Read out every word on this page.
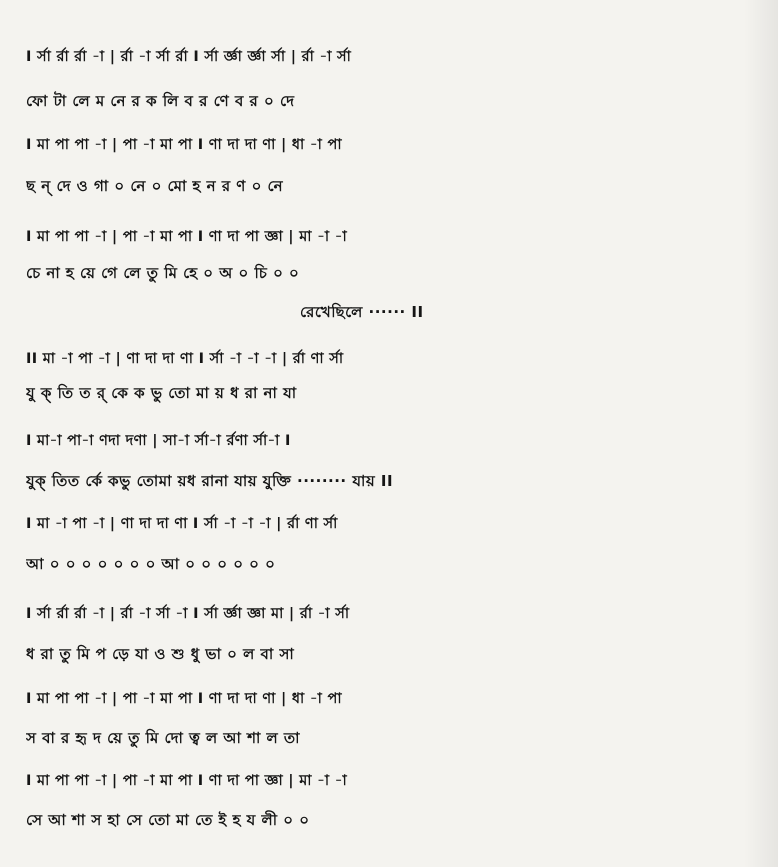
I র্সা র্রা র্রা -া | র্রা -া র্সা র্রা I র্সা র্জ্ঞা র্জ্ঞা র্সা | র্রা -া র্সা
ফো টা লে ম নে র ক লি ব র ণে ব র ০ দে
I মা পা পা -া | পা -া মা পা I ণা দা দা ণা | ধা -া পা
ছ ন্ দে ও গা ০ নে ০ মো হ ন র ণ ০ নে
I মা পা পা -া | পা -া মা পা I ণা দা পা জ্ঞা | মা -া -া
চে না হ য়ে গে লে তু মি হে ০ অ ০ চি ০ ০
রেখেছিলে ······ II
II মা -া পা -া | ণা দা দা ণা I র্সা -া -া -া | র্রা ণা র্সা
যু ক্ তি ত র্ কে ক ভু তো মা য় ধ রা না যা
I মা-া পা-া ণদা দণা | সা-া র্সা-া র্রণা র্সা-া I
যুক্ তিত র্কে কভু তোমা য়ধ রানা যায় যুক্তি ········ যায় II
I মা -া পা -া | ণা দা দা ণা I র্সা -া -া -া | র্রা ণা র্সা
আ ০ ০ ০ ০ ০ ০ ০ আ ০ ০ ০ ০ ০ ০
I র্সা র্রা র্রা -া | র্রা -া র্সা -া I র্সা র্জ্ঞা জ্ঞা মা | র্রা -া র্সা
ধ রা তু মি প ড়ে যা ও শু ধু ভা ০ ল বা সা
I মা পা পা -া | পা -া মা পা I ণা দা দা ণা | ধা -া পা
স বা র হৃ দ য়ে তু মি দো ত্ব ল আ শা ল তা
I মা পা পা -া | পা -া মা পা I ণা দা পা জ্ঞা | মা -া -া
সে আ শা স হা সে তো মা তে ই হ য লী ০ ০
